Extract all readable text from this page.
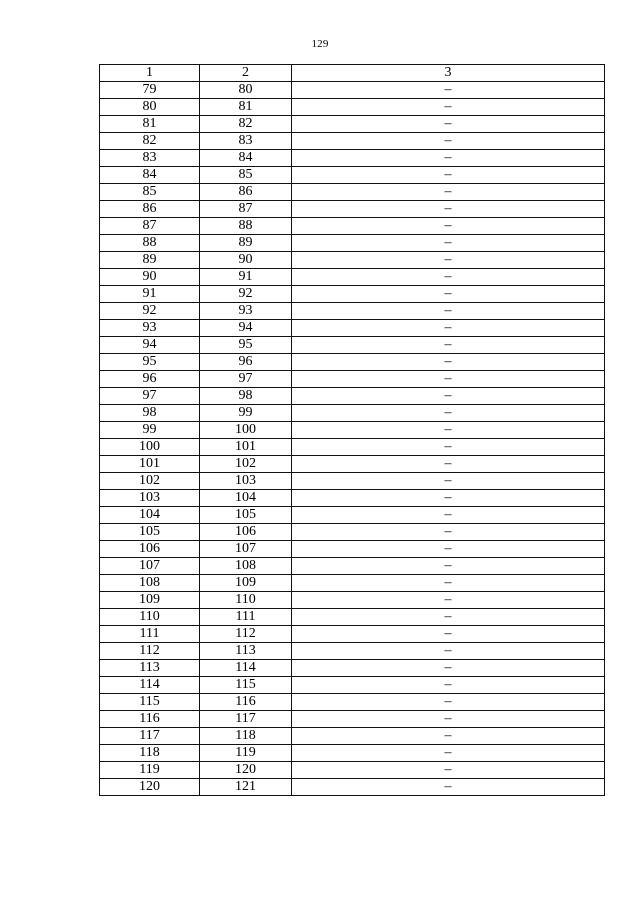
129
1	2	3
79	80	–
80	81	–
81	82	–
82	83	–
83	84	–
84	85	–
85	86	–
86	87	–
87	88	–
88	89	–
89	90	–
90	91	–
91	92	–
92	93	–
93	94	–
94	95	–
95	96	–
96	97	–
97	98	–
98	99	–
99	100	–
100	101	–
101	102	–
102	103	–
103	104	–
104	105	–
105	106	–
106	107	–
107	108	–
108	109	–
109	110	–
110	111	–
111	112	–
112	113	–
113	114	–
114	115	–
115	116	–
116	117	–
117	118	–
118	119	–
119	120	–
120	121	–
